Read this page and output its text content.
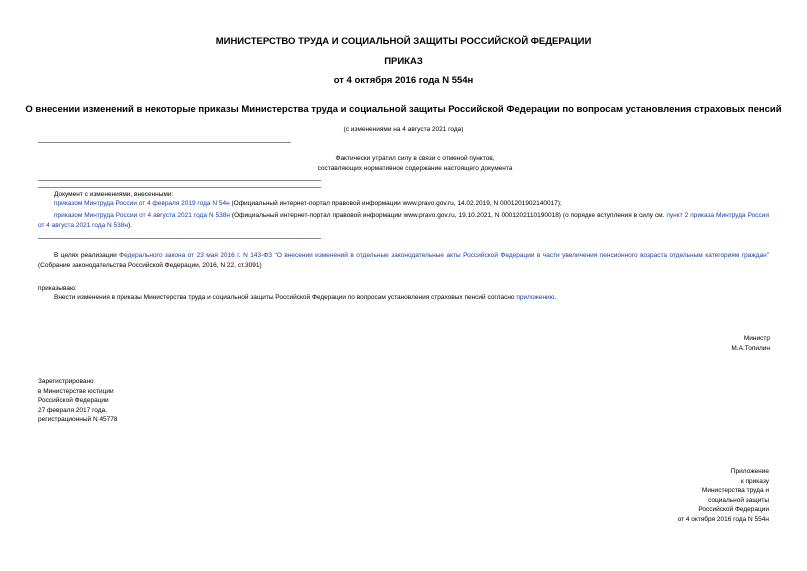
МИНИСТЕРСТВО ТРУДА И СОЦИАЛЬНОЙ ЗАЩИТЫ РОССИЙСКОЙ ФЕДЕРАЦИИ
ПРИКАЗ
от 4 октября 2016 года N 554н
О внесении изменений в некоторые приказы Министерства труда и социальной защиты Российской Федерации по вопросам установления страховых пенсий
(с изменениями на 4 августа 2021 года)
Фактически утратил силу в связи с отменой пунктов,
составляющих нормативное содержание настоящего документа
Документ с изменениями, внесенными:
приказом Минтруда России от 4 февраля 2019 года N 54н (Официальный интернет-портал правовой информации www.pravo.gov.ru, 14.02.2019, N 0001201902140017);
приказом Минтруда России от 4 августа 2021 года N 538н (Официальный интернет-портал правовой информации www.pravo.gov.ru, 19.10.2021, N 0001202110190018) (о порядке вступления в силу см. пункт 2 приказа Минтруда России от 4 августа 2021 года N 538н).
В целях реализации Федерального закона от 23 мая 2016 г. N 143-ФЗ "О внесении изменений в отдельные законодательные акты Российской Федерации в части увеличения пенсионного возраста отдельным категориям граждан" (Собрание законодательства Российской Федерации, 2016, N 22, ст.3091)
приказываю:
Внести изменения в приказы Министерства труда и социальной защиты Российской Федерации по вопросам установления страховых пенсий согласно приложению.
Министр
М.А.Топилин
Зарегистрировано
в Министерстве юстиции
Российской Федерации
27 февраля 2017 года,
регистрационный N 45778
Приложение
к приказу
Министерства труда и
социальной защиты
Российской Федерации
от 4 октября 2016 года N 554н
